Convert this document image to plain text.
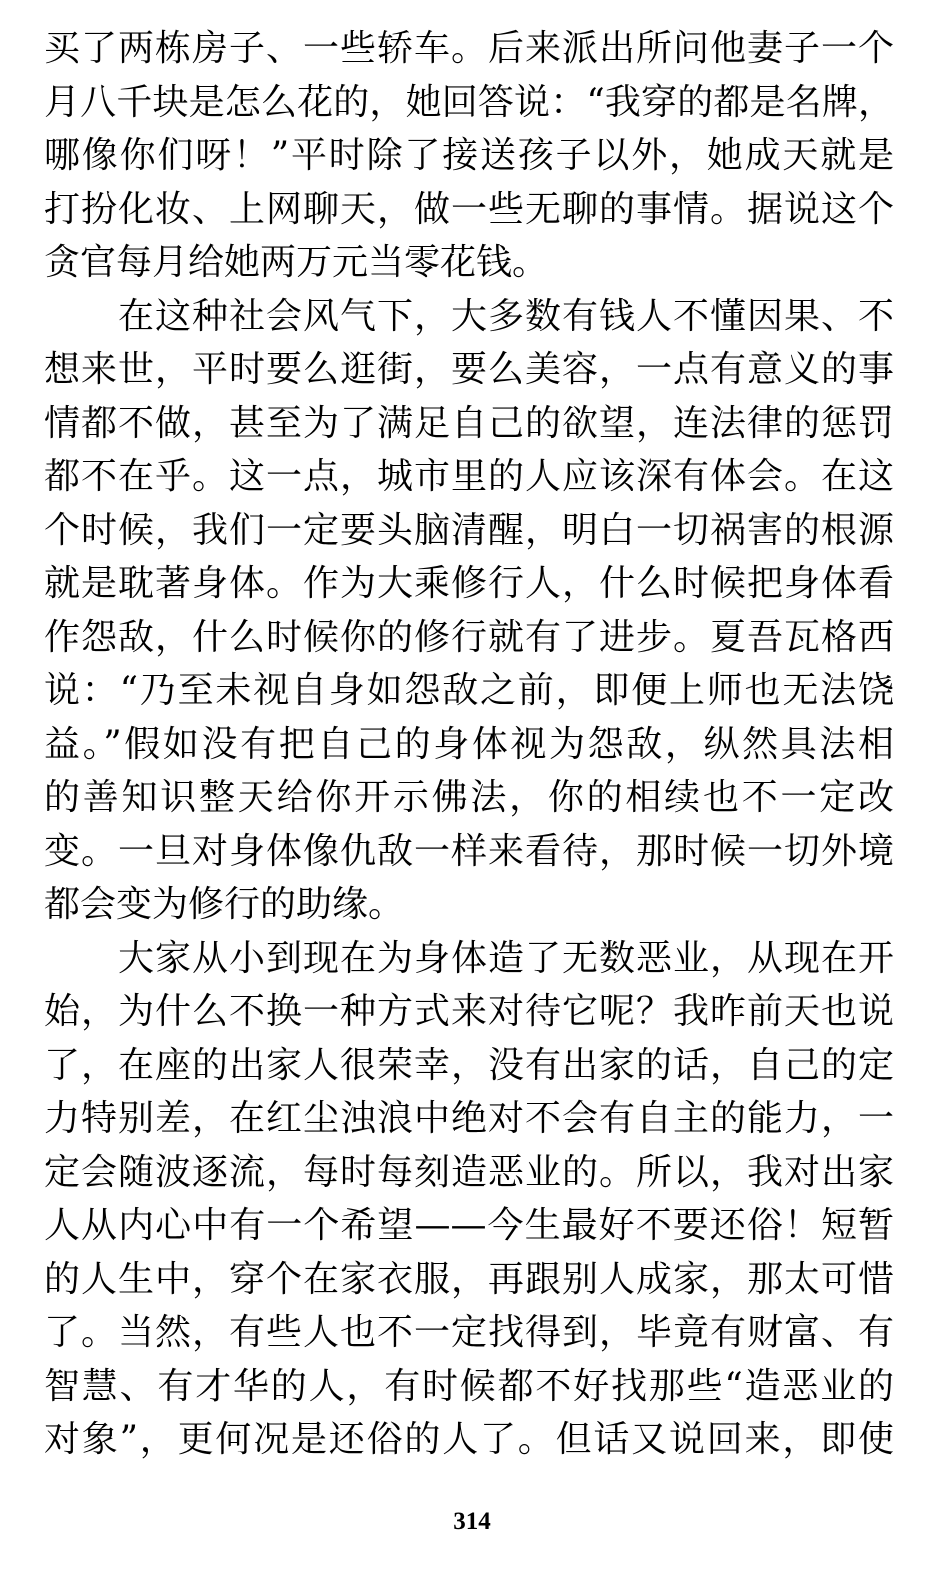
买了两栋房子、一些轿车。后来派出所问他妻子一个
月八千块是怎么花的，她回答说：“我穿的都是名牌，
哪像你们呀！”平时除了接送孩子以外，她成天就是
打扮化妆、上网聊天，做一些无聊的事情。据说这个
贪官每月给她两万元当零花钱。

在这种社会风气下，大多数有钱人不懂因果、不
想来世，平时要么逛街，要么美容，一点有意义的事
情都不做，甚至为了满足自己的欲望，连法律的惩罚
都不在乎。这一点，城市里的人应该深有体会。在这
个时候，我们一定要头脑清醒，明白一切祸害的根源
就是耽著身体。作为大乘修行人，什么时候把身体看
作怨敌，什么时候你的修行就有了进步。夏吾瓦格西
说：“乃至未视自身如怨敌之前，即便上师也无法饶
益。”假如没有把自己的身体视为怨敌，纵然具法相
的善知识整天给你开示佛法，你的相续也不一定改
变。一旦对身体像仇敌一样来看待，那时候一切外境
都会变为修行的助缘。

大家从小到现在为身体造了无数恶业，从现在开
始，为什么不换一种方式来对待它呢？我昨前天也说
了，在座的出家人很荣幸，没有出家的话，自己的定
力特别差，在红尘浊浪中绝对不会有自主的能力，一
定会随波逐流，每时每刻造恶业的。所以，我对出家
人从内心中有一个希望——今生最好不要还俗！短暂
的人生中，穿个在家衣服，再跟别人成家，那太可惜
了。当然，有些人也不一定找得到，毕竟有财富、有
智慧、有才华的人，有时候都不好找那些“造恶业的
对象”，更何况是还俗的人了。但话又说回来，即使

314
